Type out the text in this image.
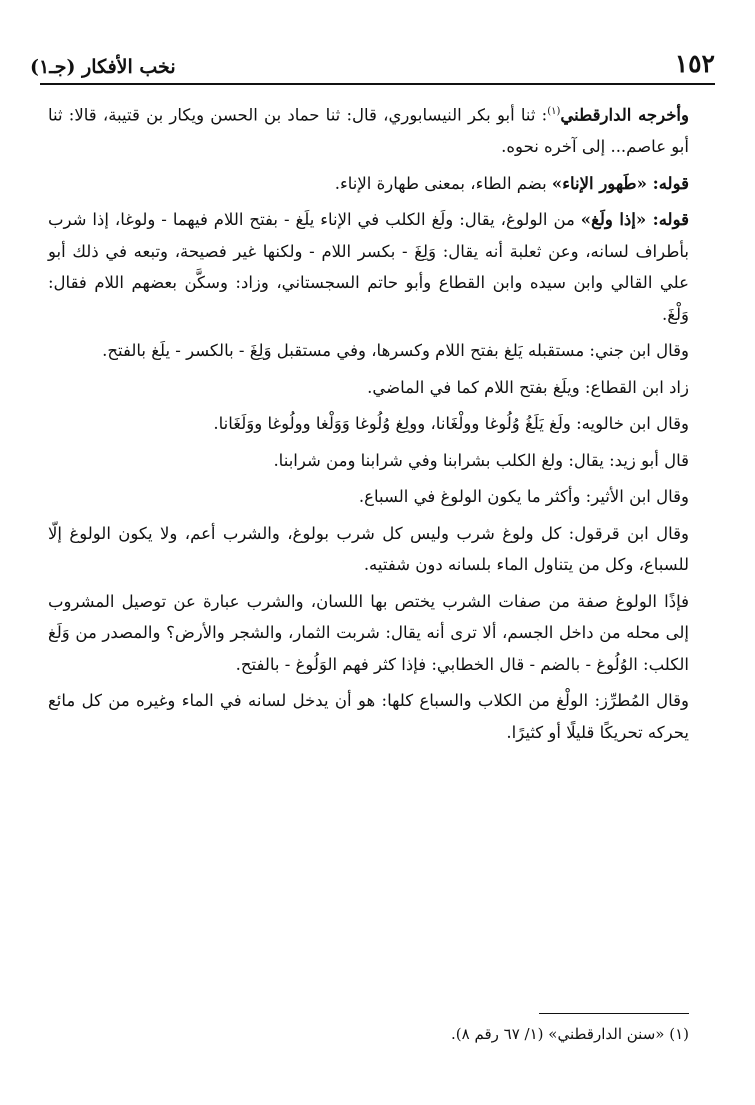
١٥٢
نخب الأفكار (جـ١)

وأخرجه الدارقطني$^{(١)}$: ثنا أبو بكر النيسابوري، قال: ثنا حماد بن الحسن ويكار بن قتيبة، قالا: ثنا أبو عاصم... إلى آخره نحوه.

قوله: «طَهور الإناء» بضم الطاء، بمعنى طهارة الإناء.

قوله: «إذا ولَغ» من الولوغ، يقال: ولَغ الكلب في الإناء يلَغ - بفتح اللام فيهما - ولوغا، إذا شرب بأطراف لسانه، وعن ثعلبة أنه يقال: وَلِغَ - بكسر اللام - ولكنها غير فصيحة، وتبعه في ذلك أبو علي القالي وابن سيده وابن القطاع وأبو حاتم السجستاني، وزاد: وسكَّن بعضهم اللام فقال: وَلْغَ.

وقال ابن جني: مستقبله يَلغ بفتح اللام وكسرها، وفي مستقبل وَلِغَ - بالكسر - يلَغ بالفتح.

زاد ابن القطاع: ويلَغ بفتح اللام كما في الماضي.

وقال ابن خالويه: ولَغ يَلَغُ وُلُوغا وولْغَانا، وولِغ وُلُوغا وَوَلْغا وولُوغا ووَلَغَانا.

قال أبو زيد: يقال: ولغ الكلب بشرابنا وفي شرابنا ومن شرابنا.

وقال ابن الأثير: وأكثر ما يكون الولوغ في السباع.

وقال ابن قرقول: كل ولوغ شرب وليس كل شرب بولوغ، والشرب أعم، ولا يكون الولوغ إلّا للسباع، وكل من يتناول الماء بلسانه دون شفتيه.

فإذًا الولوغ صفة من صفات الشرب يختص بها اللسان، والشرب عبارة عن توصيل المشروب إلى محله من داخل الجسم، ألا ترى أنه يقال: شربت الثمار، والشجر والأرض؟ والمصدر من وَلَغ الكلب: الوُلُوغ - بالضم - قال الخطابي: فإذا كثر فهم الوَلُوغ - بالفتح.

وقال المُطرِّز: الولْغ من الكلاب والسباع كلها: هو أن يدخل لسانه في الماء وغيره من كل مائع يحركه تحريكًا قليلًا أو كثيرًا.

(١) «سنن الدارقطني» (١/ ٦٧ رقم ٨).
